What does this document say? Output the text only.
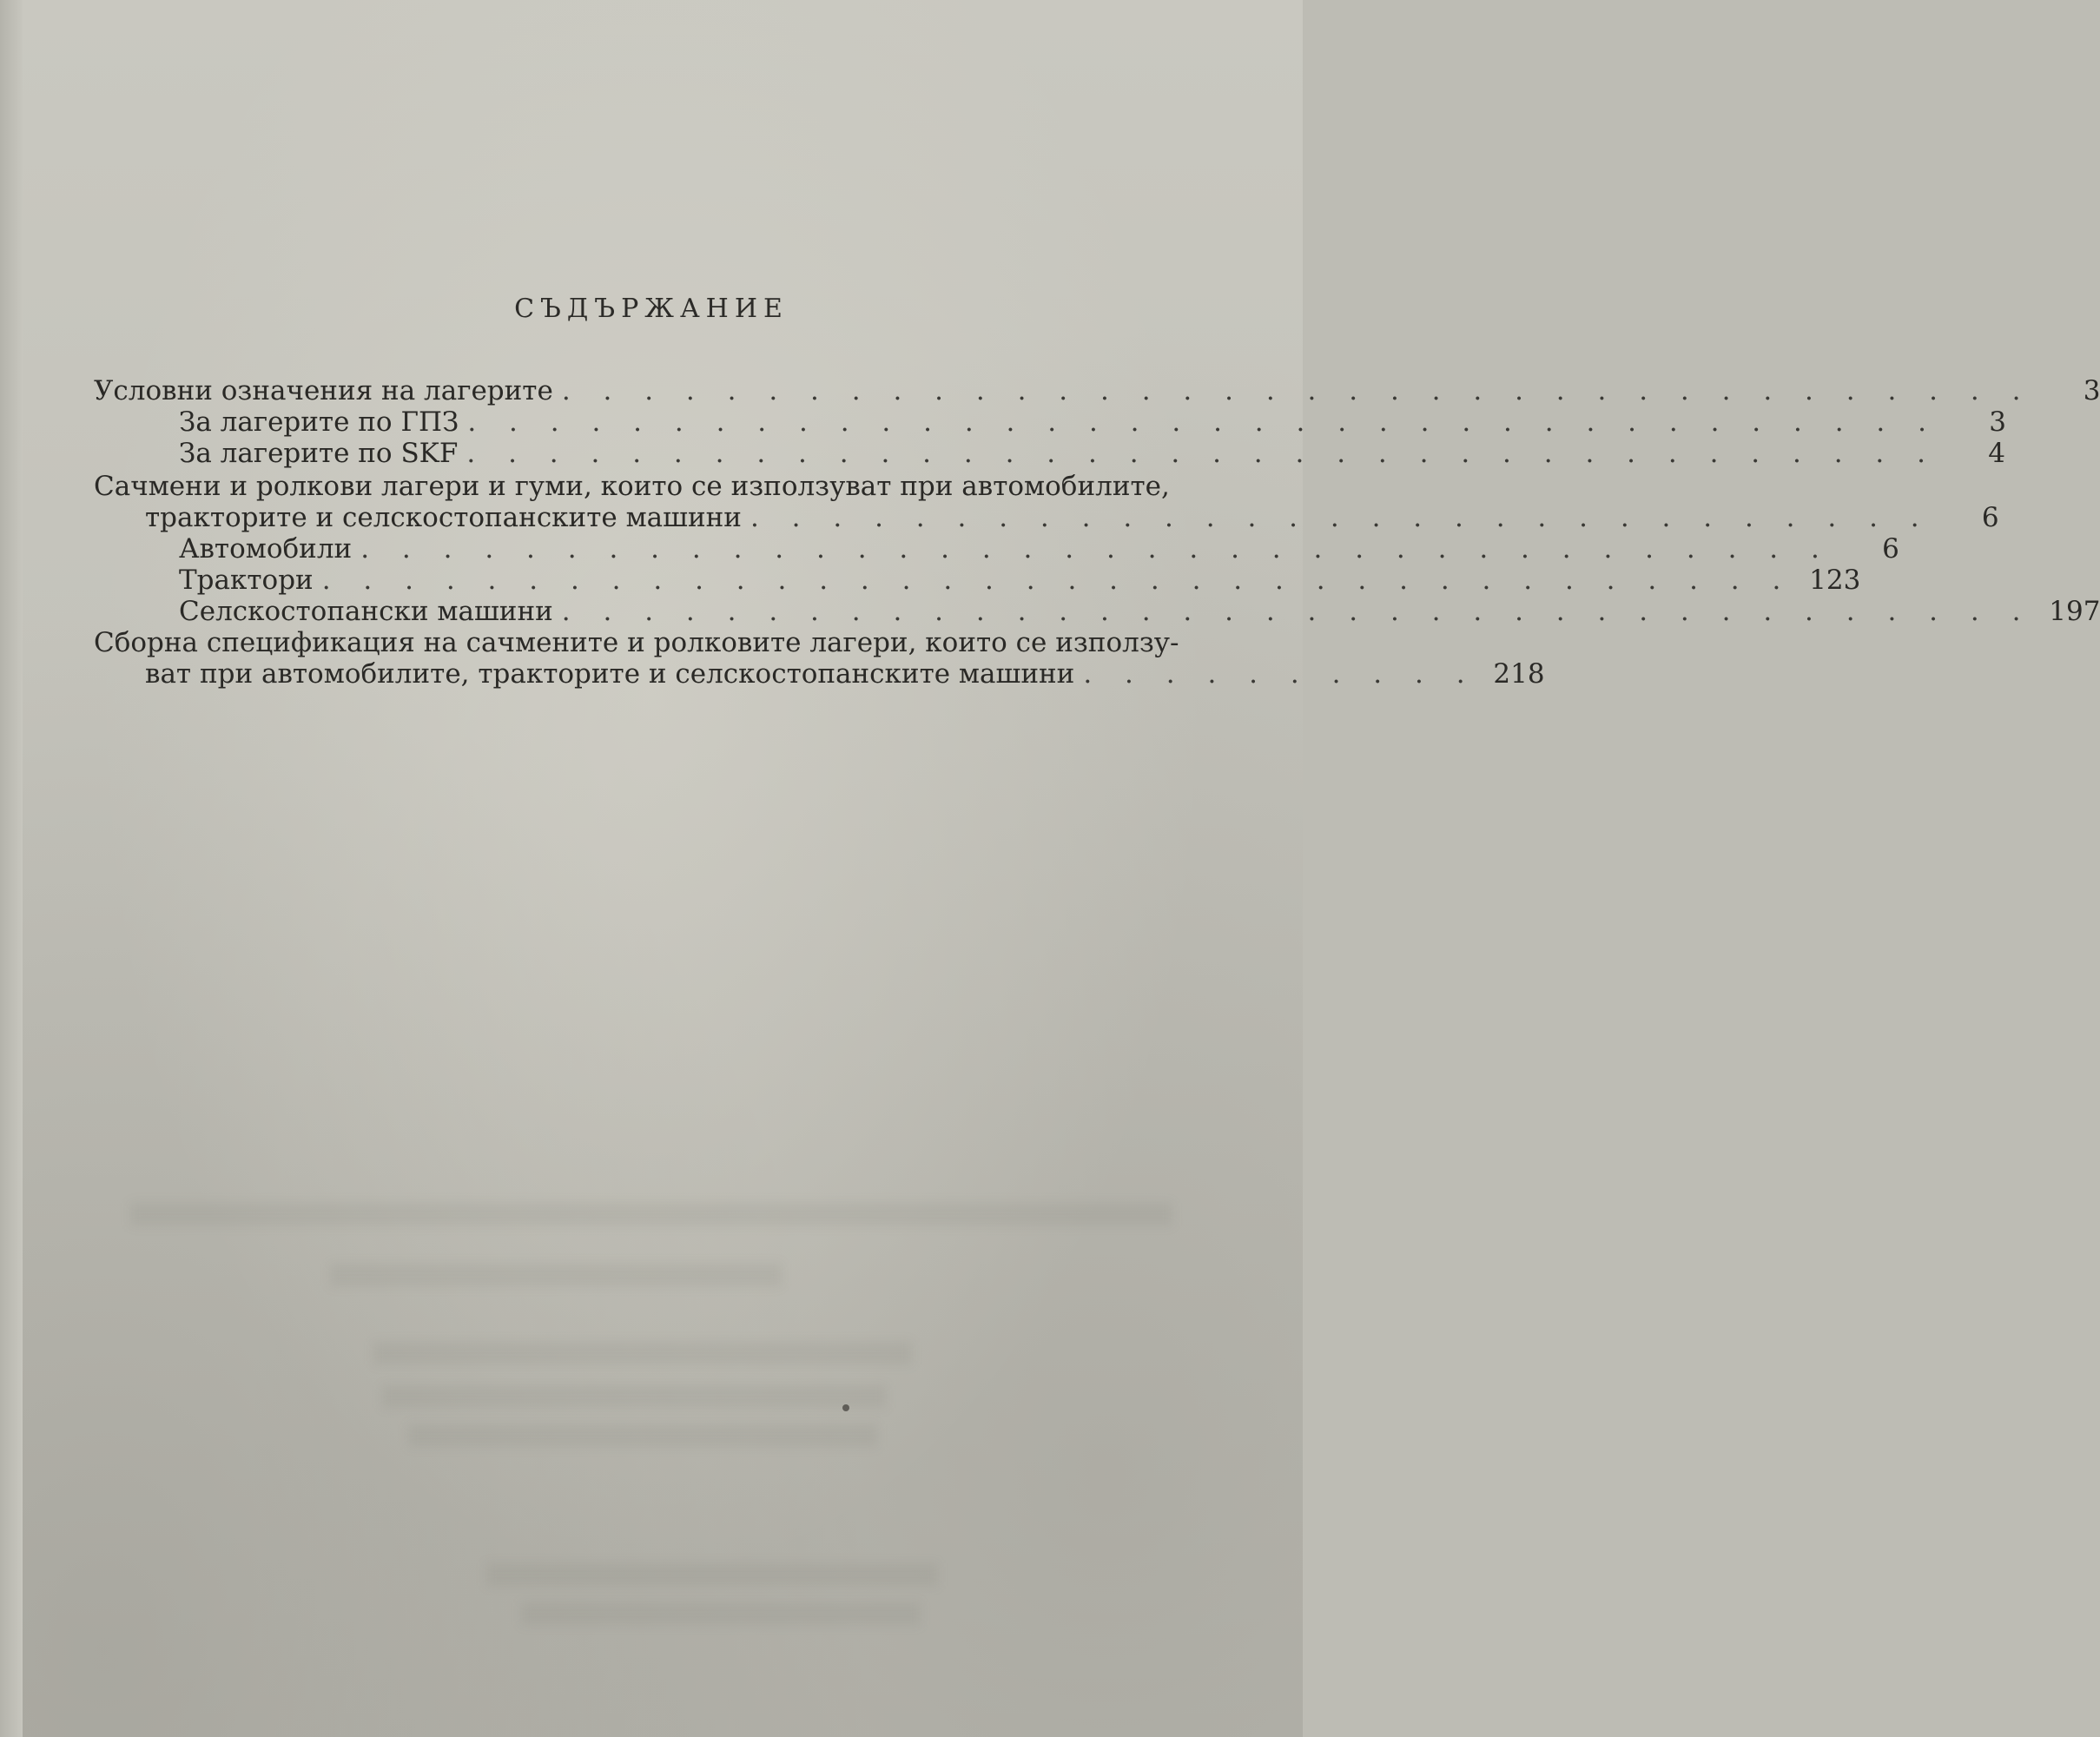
СЪДЪРЖАНИЕ
Условни означения на лагерите . . . . . . . . . . . . . . . . . . . . . . . . . . . . . . . . . . . .	3
За лагерите по ГПЗ . . . . . . . . . . . . . . . . . . . . . . . . . . . . . . . . . . . .	3
За лагерите по SKF . . . . . . . . . . . . . . . . . . . . . . . . . . . . . . . . . . . .	4
Сачмени и ролкови лагери и гуми, които се използуват при автомобилите,
тракторите и селскостопанските машини . . . . . . . . . . . . . . . . . . . . . . . . . . . . .	6
Автомобили . . . . . . . . . . . . . . . . . . . . . . . . . . . . . . . . . . . .	6
Трактори . . . . . . . . . . . . . . . . . . . . . . . . . . . . . . . . . . . . 123
Селскостопански машини . . . . . . . . . . . . . . . . . . . . . . . . . . . . . . . . . . . . 197
Сборна спецификация на сачмените и ролковите лагери, които се използу-
ват при автомобилите, тракторите и селскостопанските машини . . . . . . . . . . 218
